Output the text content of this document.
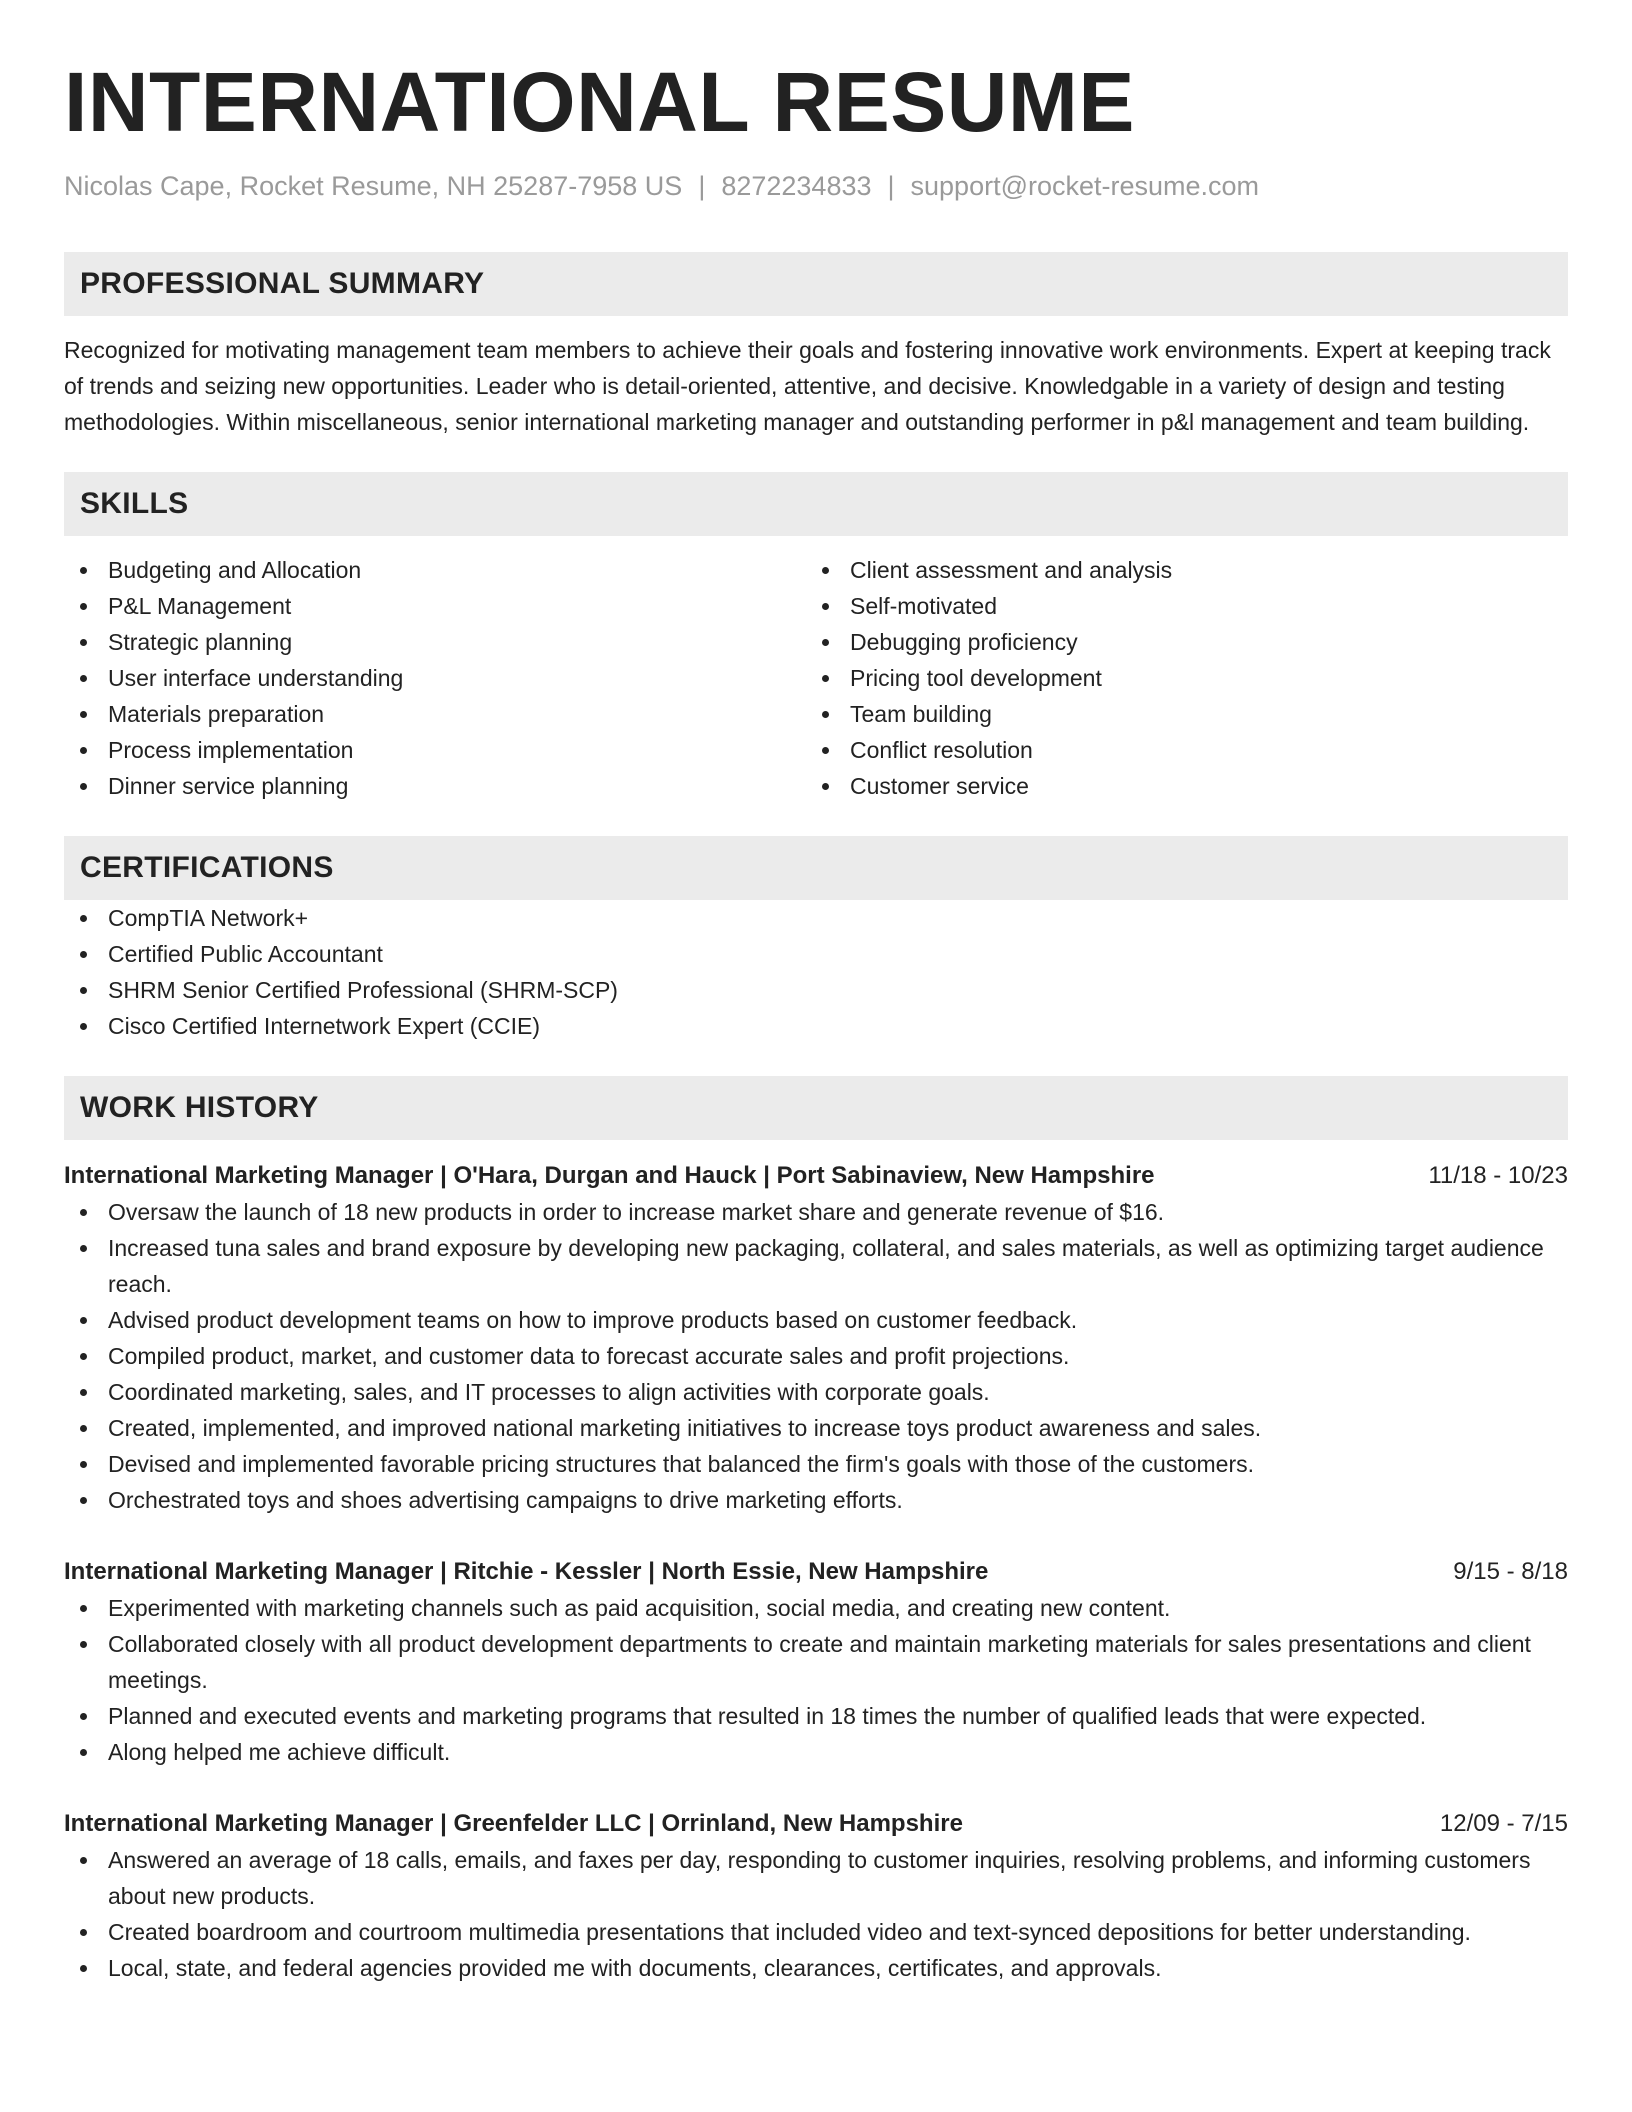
INTERNATIONAL RESUME
Nicolas Cape, Rocket Resume, NH 25287-7958 US | 8272234833 | support@rocket-resume.com
PROFESSIONAL SUMMARY

Recognized for motivating management team members to achieve their goals and fostering innovative work environments. Expert at keeping track of trends and seizing new opportunities. Leader who is detail-oriented, attentive, and decisive. Knowledgable in a variety of design and testing methodologies. Within miscellaneous, senior international marketing manager and outstanding performer in p&l management and team building.

SKILLS
Budgeting and Allocation
P&L Management
Strategic planning
User interface understanding
Materials preparation
Process implementation
Dinner service planning
Client assessment and analysis
Self-motivated
Debugging proficiency
Pricing tool development
Team building
Conflict resolution
Customer service
CERTIFICATIONS
CompTIA Network+
Certified Public Accountant
SHRM Senior Certified Professional (SHRM-SCP)
Cisco Certified Internetwork Expert (CCIE)
WORK HISTORY
International Marketing Manager | O'Hara, Durgan and Hauck | Port Sabinaview, New Hampshire	11/18 - 10/23
Oversaw the launch of 18 new products in order to increase market share and generate revenue of $16.
Increased tuna sales and brand exposure by developing new packaging, collateral, and sales materials, as well as optimizing target audience reach.
Advised product development teams on how to improve products based on customer feedback.
Compiled product, market, and customer data to forecast accurate sales and profit projections.
Coordinated marketing, sales, and IT processes to align activities with corporate goals.
Created, implemented, and improved national marketing initiatives to increase toys product awareness and sales.
Devised and implemented favorable pricing structures that balanced the firm's goals with those of the customers.
Orchestrated toys and shoes advertising campaigns to drive marketing efforts.
International Marketing Manager | Ritchie - Kessler | North Essie, New Hampshire	9/15 - 8/18
Experimented with marketing channels such as paid acquisition, social media, and creating new content.
Collaborated closely with all product development departments to create and maintain marketing materials for sales presentations and client meetings.
Planned and executed events and marketing programs that resulted in 18 times the number of qualified leads that were expected.
Along helped me achieve difficult.
International Marketing Manager | Greenfelder LLC | Orrinland, New Hampshire	12/09 - 7/15
Answered an average of 18 calls, emails, and faxes per day, responding to customer inquiries, resolving problems, and informing customers about new products.
Created boardroom and courtroom multimedia presentations that included video and text-synced depositions for better understanding.
Local, state, and federal agencies provided me with documents, clearances, certificates, and approvals.
